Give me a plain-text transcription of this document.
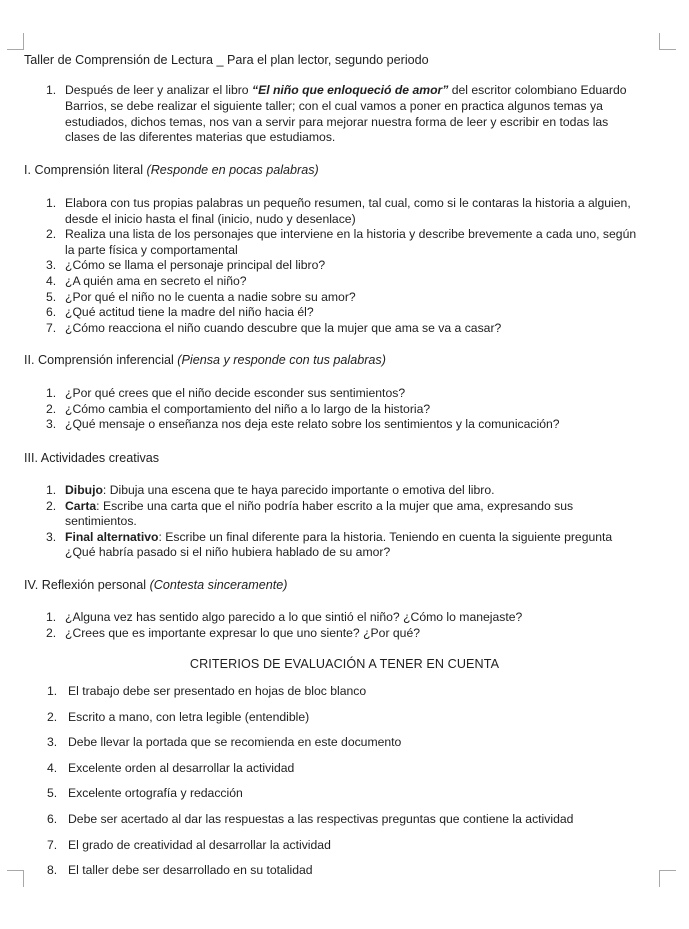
Taller de Comprensión de Lectura _ Para el plan lector, segundo periodo
1. Después de leer y analizar el libro “El niño que enloqueció de amor” del escritor colombiano Eduardo Barrios, se debe realizar el siguiente taller; con el cual vamos a poner en practica algunos temas ya estudiados, dichos temas, nos van a servir para mejorar nuestra forma de leer y escribir en todas las clases de las diferentes materias que estudiamos.
I. Comprensión literal (Responde en pocas palabras)
1. Elabora con tus propias palabras un pequeño resumen, tal cual, como si le contaras la historia a alguien, desde el inicio hasta el final (inicio, nudo y desenlace)
2. Realiza una lista de los personajes que interviene en la historia y describe brevemente a cada uno, según la parte física y comportamental
3. ¿Cómo se llama el personaje principal del libro?
4. ¿A quién ama en secreto el niño?
5. ¿Por qué el niño no le cuenta a nadie sobre su amor?
6. ¿Qué actitud tiene la madre del niño hacia él?
7. ¿Cómo reacciona el niño cuando descubre que la mujer que ama se va a casar?
II. Comprensión inferencial (Piensa y responde con tus palabras)
1. ¿Por qué crees que el niño decide esconder sus sentimientos?
2. ¿Cómo cambia el comportamiento del niño a lo largo de la historia?
3. ¿Qué mensaje o enseñanza nos deja este relato sobre los sentimientos y la comunicación?
III. Actividades creativas
1. Dibujo: Dibuja una escena que te haya parecido importante o emotiva del libro.
2. Carta: Escribe una carta que el niño podría haber escrito a la mujer que ama, expresando sus sentimientos.
3. Final alternativo: Escribe un final diferente para la historia. Teniendo en cuenta la siguiente pregunta ¿Qué habría pasado si el niño hubiera hablado de su amor?
IV. Reflexión personal (Contesta sinceramente)
1. ¿Alguna vez has sentido algo parecido a lo que sintió el niño? ¿Cómo lo manejaste?
2. ¿Crees que es importante expresar lo que uno siente? ¿Por qué?
CRITERIOS DE EVALUACIÓN A TENER EN CUENTA
1. El trabajo debe ser presentado en hojas de bloc blanco
2. Escrito a mano, con letra legible (entendible)
3. Debe llevar la portada que se recomienda en este documento
4. Excelente orden al desarrollar la actividad
5. Excelente ortografía y redacción
6. Debe ser acertado al dar las respuestas a las respectivas preguntas que contiene la actividad
7. El grado de creatividad al desarrollar la actividad
8. El taller debe ser desarrollado en su totalidad
